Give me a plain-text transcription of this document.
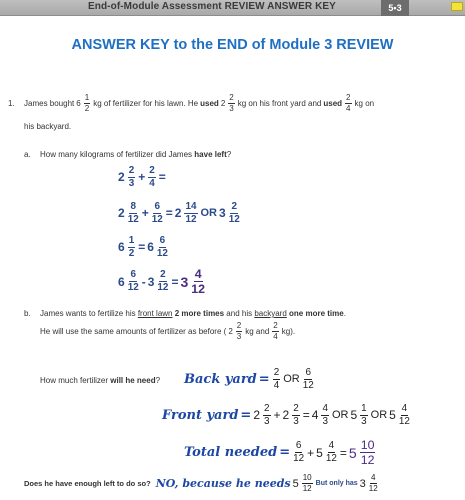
End-of-Module Assessment REVIEW ANSWER KEY	5•3
ANSWER KEY to the END of Module 3 REVIEW
1. James bought $6 \frac{1}{2}$ kg of fertilizer for his lawn. He used $2 \frac{2}{3}$ kg on his front yard and used $\frac{2}{4}$ kg on
his backyard.
a. How many kilograms of fertilizer did James have left?
$2 \frac{2}{3} + \frac{2}{4}$ =
$2 \frac{8}{12} + \frac{6}{12} = 2 \frac{14}{12}$ OR $3 \frac{2}{12}$
$6 \frac{1}{2} = 6 \frac{6}{12}$
$6 \frac{6}{12} - 3 \frac{2}{12} = 3 \frac{4}{12}$
b. James wants to fertilize his front lawn 2 more times and his backyard one more time.
He will use the same amounts of fertilizer as before ( $2 \frac{2}{3}$ kg and $\frac{2}{4} kg$).
How much fertilizer will he need? Back yard = $\frac{2}{4}$ OR $\frac{6}{12}$
Front yard = $2 \frac{2}{3} + 2 \frac{2}{3} = 4 \frac{4}{3}$ OR $5 \frac{1}{3}$ OR $5 \frac{4}{12}$
Total needed = $\frac{6}{12} + 5 \frac{4}{12} = 5 \frac{10}{12}$
Does he have enough left to do so? NO, because he needs $5 \frac{10}{12}$ But only has $3 \frac{4}{12}$
